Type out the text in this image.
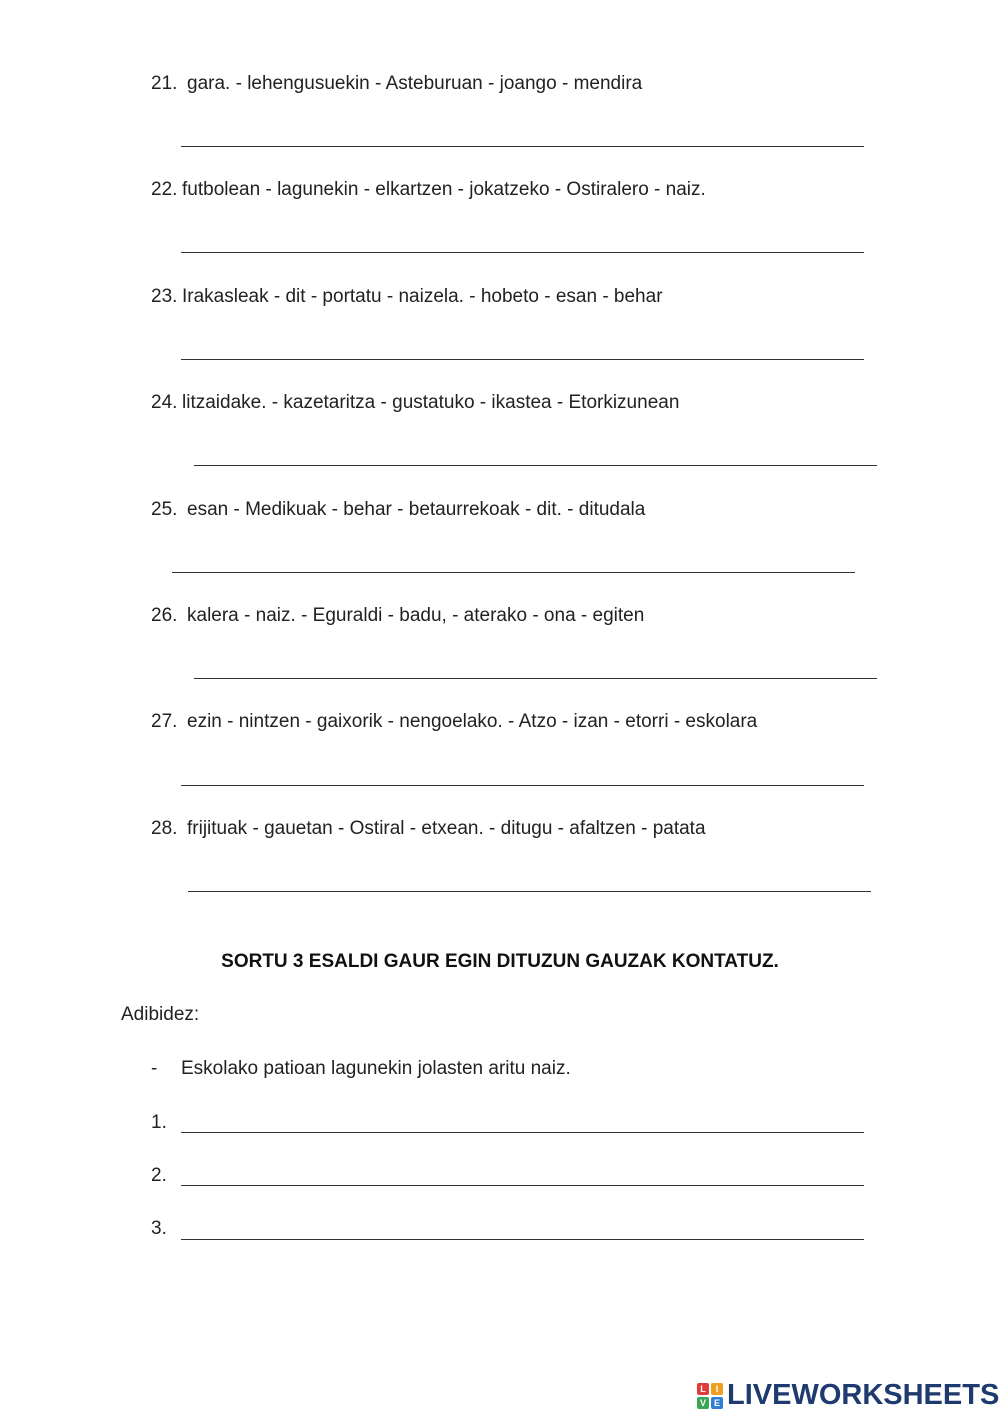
21. gara. - lehengusuekin - Asteburuan - joango - mendira
22. futbolean - lagunekin - elkartzen - jokatzeko - Ostiralero - naiz.
23. Irakasleak - dit - portatu - naizela. - hobeto - esan - behar
24. litzaidake. - kazetaritza - gustatuko - ikastea - Etorkizunean
25. esan - Medikuak - behar - betaurrekoak - dit. - ditudala
26. kalera - naiz. - Eguraldi - badu, - aterako - ona - egiten
27. ezin - nintzen - gaixorik - nengoelako. - Atzo - izan - etorri - eskolara
28. frijituak - gauetan - Ostiral - etxean. - ditugu - afaltzen - patata
SORTU 3 ESALDI GAUR EGIN DITUZUN GAUZAK KONTATUZ.
Adibidez:
- Eskolako patioan lagunekin jolasten aritu naiz.
1.
2.
3.
L	I
V E LIVEWORKSHEETS
